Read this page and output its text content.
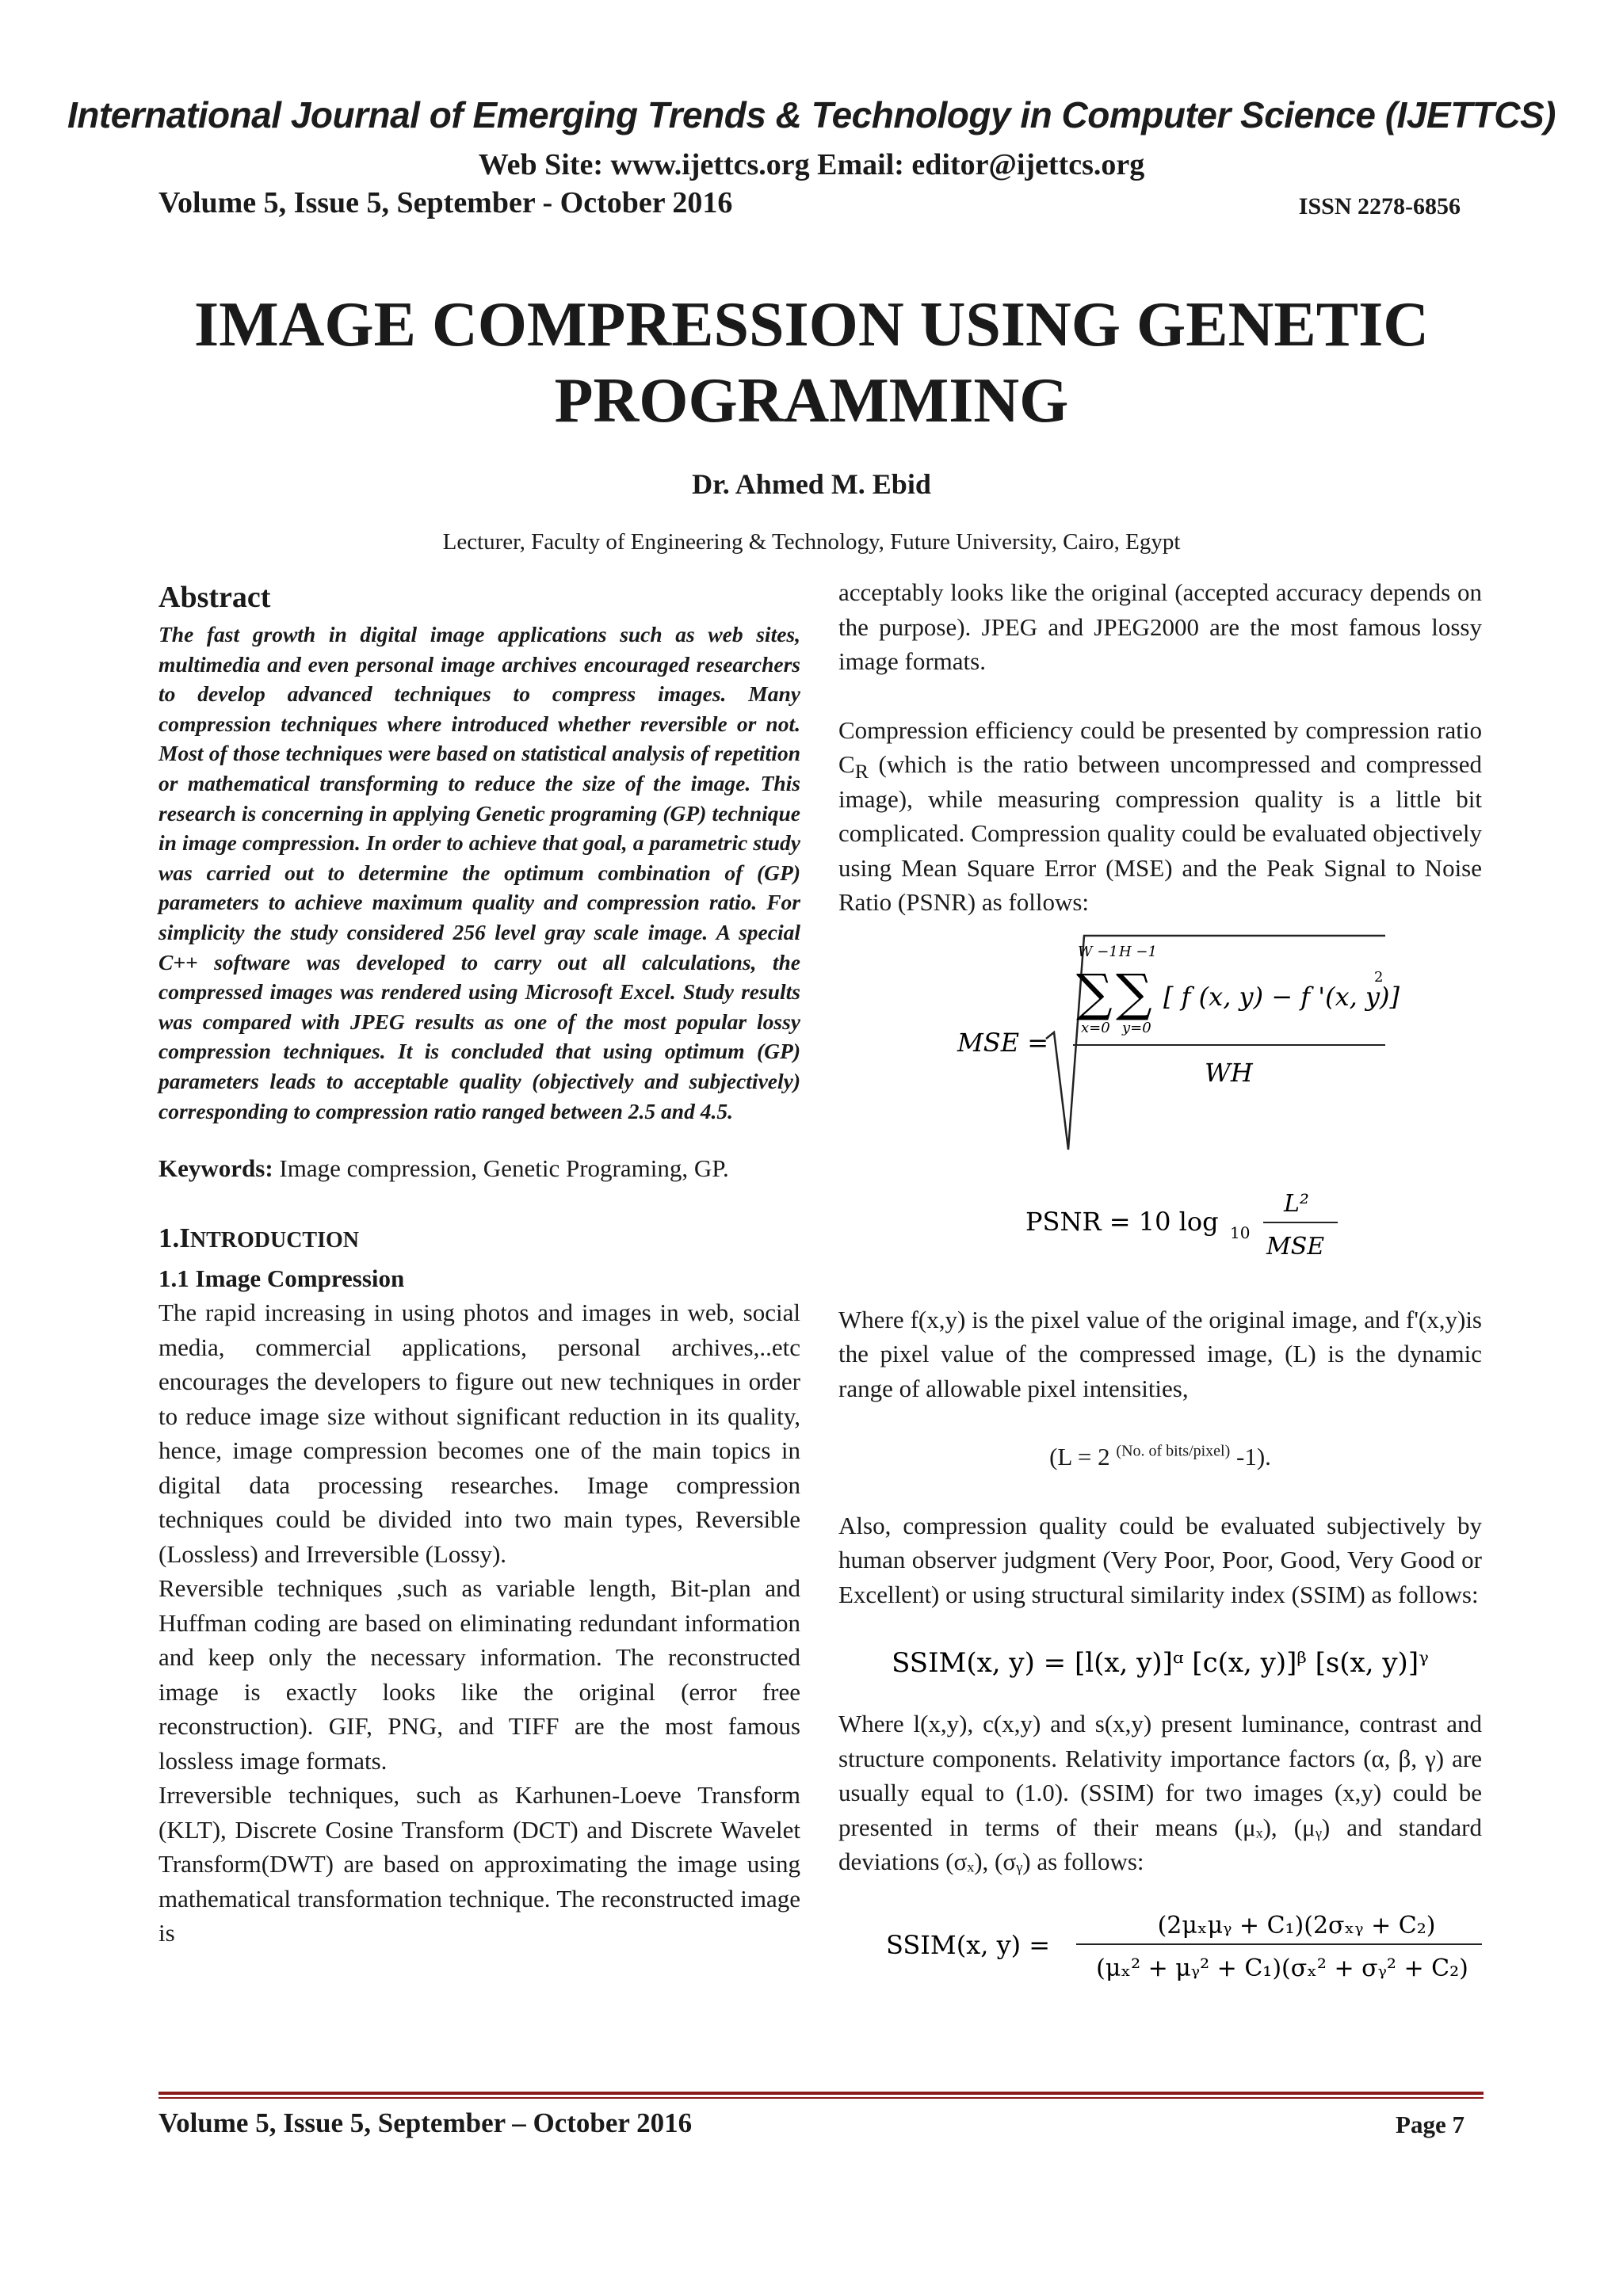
International Journal of Emerging Trends & Technology in Computer Science (IJETTCS)
Web Site: www.ijettcs.org Email: editor@ijettcs.org
Volume 5, Issue 5, September - October 2016	ISSN 2278-6856
IMAGE COMPRESSION USING GENETIC
PROGRAMMING
Dr. Ahmed M. Ebid
Lecturer, Faculty of Engineering & Technology, Future University, Cairo, Egypt

Abstract

The fast growth in digital image applications such as web sites, multimedia and even personal image archives encouraged researchers to develop advanced techniques to compress images. Many compression techniques where introduced whether reversible or not. Most of those techniques were based on statistical analysis of repetition or mathematical transforming to reduce the size of the image. This research is concerning in applying Genetic programing (GP) technique in image compression. In order to achieve that goal, a parametric study was carried out to determine the optimum combination of (GP) parameters to achieve maximum quality and compression ratio. For simplicity the study considered 256 level gray scale image. A special C++ software was developed to carry out all calculations, the compressed images was rendered using Microsoft Excel. Study results was compared with JPEG results as one of the most popular lossy compression techniques. It is concluded that using optimum (GP) parameters leads to acceptable quality (objectively and subjectively) corresponding to compression ratio ranged between 2.5 and 4.5.

Keywords: Image compression, Genetic Programing, GP.

1.INTRODUCTION

1.1 Image Compression

The rapid increasing in using photos and images in web, social media, commercial applications, personal archives,..etc encourages the developers to figure out new techniques in order to reduce image size without significant reduction in its quality, hence, image compression becomes one of the main topics in digital data processing researches. Image compression techniques could be divided into two main types, Reversible (Lossless) and Irreversible (Lossy).

Reversible techniques ,such as variable length, Bit-plan and Huffman coding are based on eliminating redundant information and keep only the necessary information. The reconstructed image is exactly looks like the original (error free reconstruction). GIF, PNG, and TIFF are the most famous lossless image formats.

Irreversible techniques, such as Karhunen-Loeve Transform (KLT), Discrete Cosine Transform (DCT) and Discrete Wavelet Transform(DWT) are based on approximating the image using mathematical transformation technique. The reconstructed image is

acceptably looks like the original (accepted accuracy depends on the purpose). JPEG and JPEG2000 are the most famous lossy image formats.

Compression efficiency could be presented by compression ratio $C_R$ (which is the ratio between uncompressed and compressed image), while measuring compression quality is a little bit complicated. Compression quality could be evaluated objectively using Mean Square Error (MSE) and the Peak Signal to Noise Ratio (PSNR) as follows:

MSE =
W −1 H −1
∑ ∑
x=0 y=0
[ f (x, y) − f '(x, y)]
2
WH
PSNR = 10 log 10
L²
MSE

Where f(x,y) is the pixel value of the original image, and f'(x,y)is the pixel value of the compressed image, (L) is the dynamic range of allowable pixel intensities,

(L = 2 $^{(No. of bits/pixel)}$ -1).

Also, compression quality could be evaluated subjectively by human observer judgment (Very Poor, Poor, Good, Very Good or Excellent) or using structural similarity index (SSIM) as follows:

SSIM(x, y) = [l(x, y)]ᵅ [c(x, y)]ᵝ [s(x, y)]ᵞ

Where l(x,y), c(x,y) and s(x,y) present luminance, contrast and structure components. Relativity importance factors (α, β, γ) are usually equal to (1.0). (SSIM) for two images (x,y) could be presented in terms of their means (μₓ), (μᵧ) and standard deviations (σₓ), (σᵧ) as follows:

SSIM(x, y) =
(2μₓμᵧ + C₁)(2σₓᵧ + C₂)
(μₓ² + μᵧ² + C₁)(σₓ² + σᵧ² + C₂)
Volume 5, Issue 5, September – October 2016	Page 7
